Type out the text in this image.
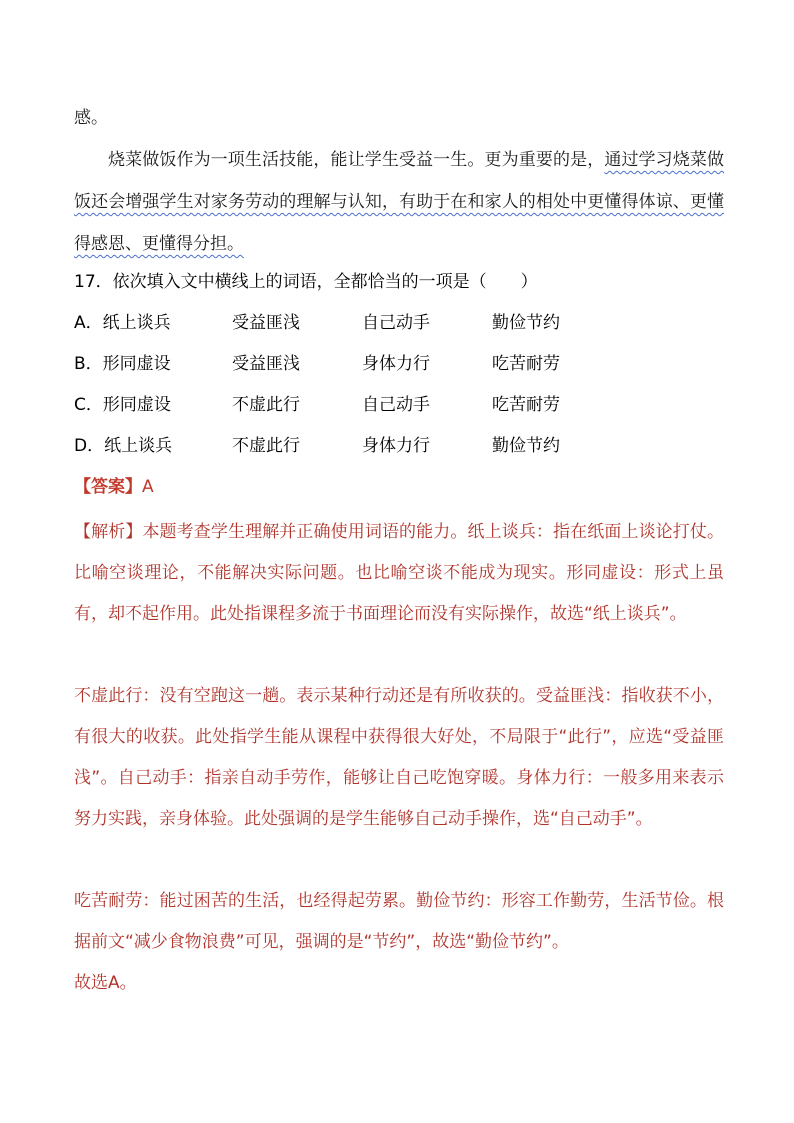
感。

烧菜做饭作为一项生活技能，能让学生受益一生。更为重要的是，通过学习烧菜做饭还会增强学生对家务劳动的理解与认知，有助于在和家人的相处中更懂得体谅、更懂得感恩、更懂得分担。

17．依次填入文中横线上的词语，全都恰当的一项是（　　）

A．纸上谈兵	受益匪浅	自己动手	勤俭节约
B．形同虚设	受益匪浅	身体力行	吃苦耐劳
C．形同虚设	不虚此行	自己动手	吃苦耐劳
D．纸上谈兵	不虚此行	身体力行	勤俭节约

【答案】A

【解析】本题考查学生理解并正确使用词语的能力。纸上谈兵：指在纸面上谈论打仗。比喻空谈理论，不能解决实际问题。也比喻空谈不能成为现实。形同虚设：形式上虽有，却不起作用。此处指课程多流于书面理论而没有实际操作，故选“纸上谈兵”。

不虚此行：没有空跑这一趟。表示某种行动还是有所收获的。受益匪浅：指收获不小，有很大的收获。此处指学生能从课程中获得很大好处，不局限于“此行”，应选“受益匪浅”。自己动手：指亲自动手劳作，能够让自己吃饱穿暖。身体力行：一般多用来表示努力实践，亲身体验。此处强调的是学生能够自己动手操作，选“自己动手”。

吃苦耐劳：能过困苦的生活，也经得起劳累。勤俭节约：形容工作勤劳，生活节俭。根据前文“减少食物浪费”可见，强调的是“节约”，故选“勤俭节约”。

故选A。
